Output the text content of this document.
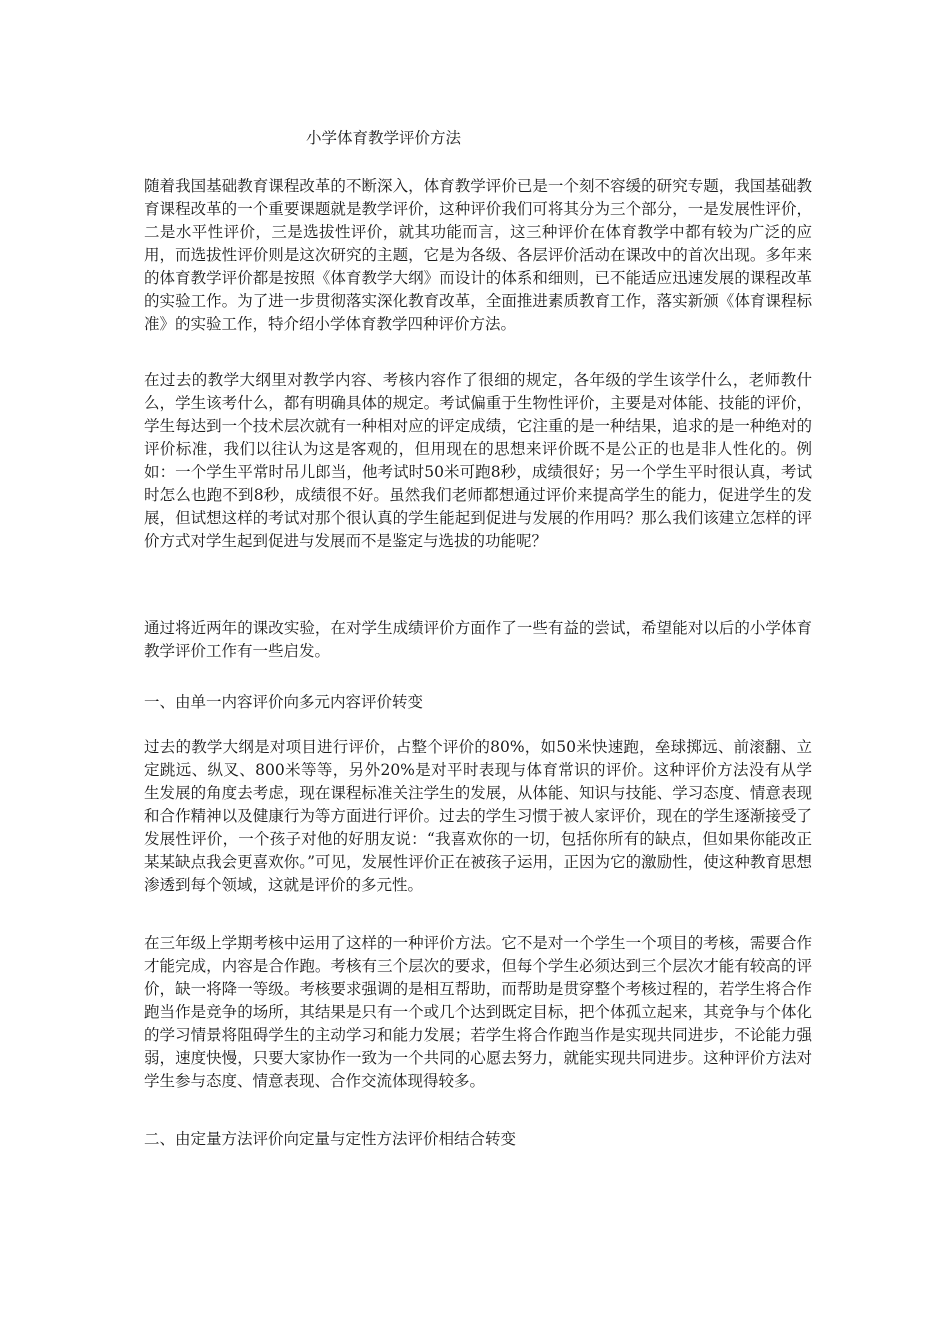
小学体育教学评价方法

随着我国基础教育课程改革的不断深入，体育教学评价已是一个刻不容缓的研究专题，我国基础教育课程改革的一个重要课题就是教学评价，这种评价我们可将其分为三个部分，一是发展性评价，二是水平性评价，三是选拔性评价，就其功能而言，这三种评价在体育教学中都有较为广泛的应用，而选拔性评价则是这次研究的主题，它是为各级、各层评价活动在课改中的首次出现。多年来的体育教学评价都是按照《体育教学大纲》而设计的体系和细则，已不能适应迅速发展的课程改革的实验工作。为了进一步贯彻落实深化教育改革，全面推进素质教育工作，落实新颁《体育课程标准》的实验工作，特介绍小学体育教学四种评价方法。

在过去的教学大纲里对教学内容、考核内容作了很细的规定，各年级的学生该学什么，老师教什么，学生该考什么，都有明确具体的规定。考试偏重于生物性评价，主要是对体能、技能的评价，学生每达到一个技术层次就有一种相对应的评定成绩，它注重的是一种结果，追求的是一种绝对的评价标准，我们以往认为这是客观的，但用现在的思想来评价既不是公正的也是非人性化的。例如：一个学生平常时吊儿郎当，他考试时50米可跑8秒，成绩很好；另一个学生平时很认真，考试时怎么也跑不到8秒，成绩很不好。虽然我们老师都想通过评价来提高学生的能力，促进学生的发展，但试想这样的考试对那个很认真的学生能起到促进与发展的作用吗？那么我们该建立怎样的评价方式对学生起到促进与发展而不是鉴定与选拔的功能呢？

通过将近两年的课改实验，在对学生成绩评价方面作了一些有益的尝试，希望能对以后的小学体育教学评价工作有一些启发。

一、由单一内容评价向多元内容评价转变

过去的教学大纲是对项目进行评价，占整个评价的80%，如50米快速跑，垒球掷远、前滚翻、立定跳远、纵叉、800米等等，另外20%是对平时表现与体育常识的评价。这种评价方法没有从学生发展的角度去考虑，现在课程标准关注学生的发展，从体能、知识与技能、学习态度、情意表现和合作精神以及健康行为等方面进行评价。过去的学生习惯于被人家评价，现在的学生逐渐接受了发展性评价，一个孩子对他的好朋友说：“我喜欢你的一切，包括你所有的缺点，但如果你能改正某某缺点我会更喜欢你。”可见，发展性评价正在被孩子运用，正因为它的激励性，使这种教育思想渗透到每个领域，这就是评价的多元性。

在三年级上学期考核中运用了这样的一种评价方法。它不是对一个学生一个项目的考核，需要合作才能完成，内容是合作跑。考核有三个层次的要求，但每个学生必须达到三个层次才能有较高的评价，缺一将降一等级。考核要求强调的是相互帮助，而帮助是贯穿整个考核过程的，若学生将合作跑当作是竞争的场所，其结果是只有一个或几个达到既定目标，把个体孤立起来，其竞争与个体化的学习情景将阻碍学生的主动学习和能力发展；若学生将合作跑当作是实现共同进步，不论能力强弱，速度快慢，只要大家协作一致为一个共同的心愿去努力，就能实现共同进步。这种评价方法对学生参与态度、情意表现、合作交流体现得较多。

二、由定量方法评价向定量与定性方法评价相结合转变
